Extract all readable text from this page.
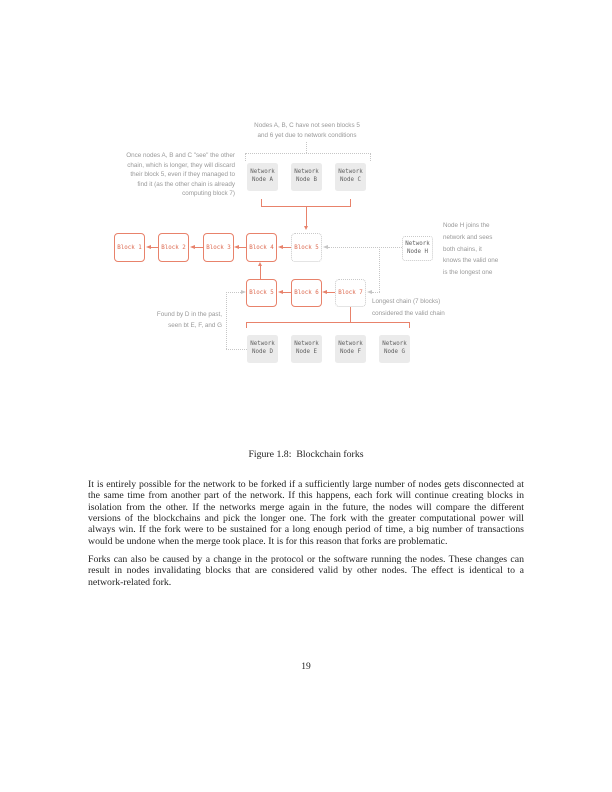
Nodes A, B, C have not seen blocks 5
and 6 yet due to network conditions
Once nodes A, B and C "see" the other
chain, which is longer, they will discard
their block 5, even if they managed to
find it (as the other chain is already
computing block 7)
Network Node A
Network Node B
Network Node C
Block 1	Block 2	Block 3	Block 4	Block 5
Network Node H
Node H joins the
network and sees
both chains, it
knows the valid one
is the longest one
Block 5	Block 6	Block 7
Longest chain (7 blocks)
considered the valid chain
Found by D in the past,
seen bt E, F, and G
Network Node D
Network Node E
Network Node F
Network Node G
Figure 1.8:  Blockchain forks

It is entirely possible for the network to be forked if a sufficiently large number of nodes gets disconnected at the same time from another part of the network. If this happens, each fork will continue creating blocks in isolation from the other. If the networks merge again in the future, the nodes will compare the different versions of the blockchains and pick the longer one. The fork with the greater computational power will always win. If the fork were to be sustained for a long enough period of time, a big number of transactions would be undone when the merge took place. It is for this reason that forks are problematic.

Forks can also be caused by a change in the protocol or the software running the nodes. These changes can result in nodes invalidating blocks that are considered valid by other nodes. The effect is identical to a network-related fork.

19
